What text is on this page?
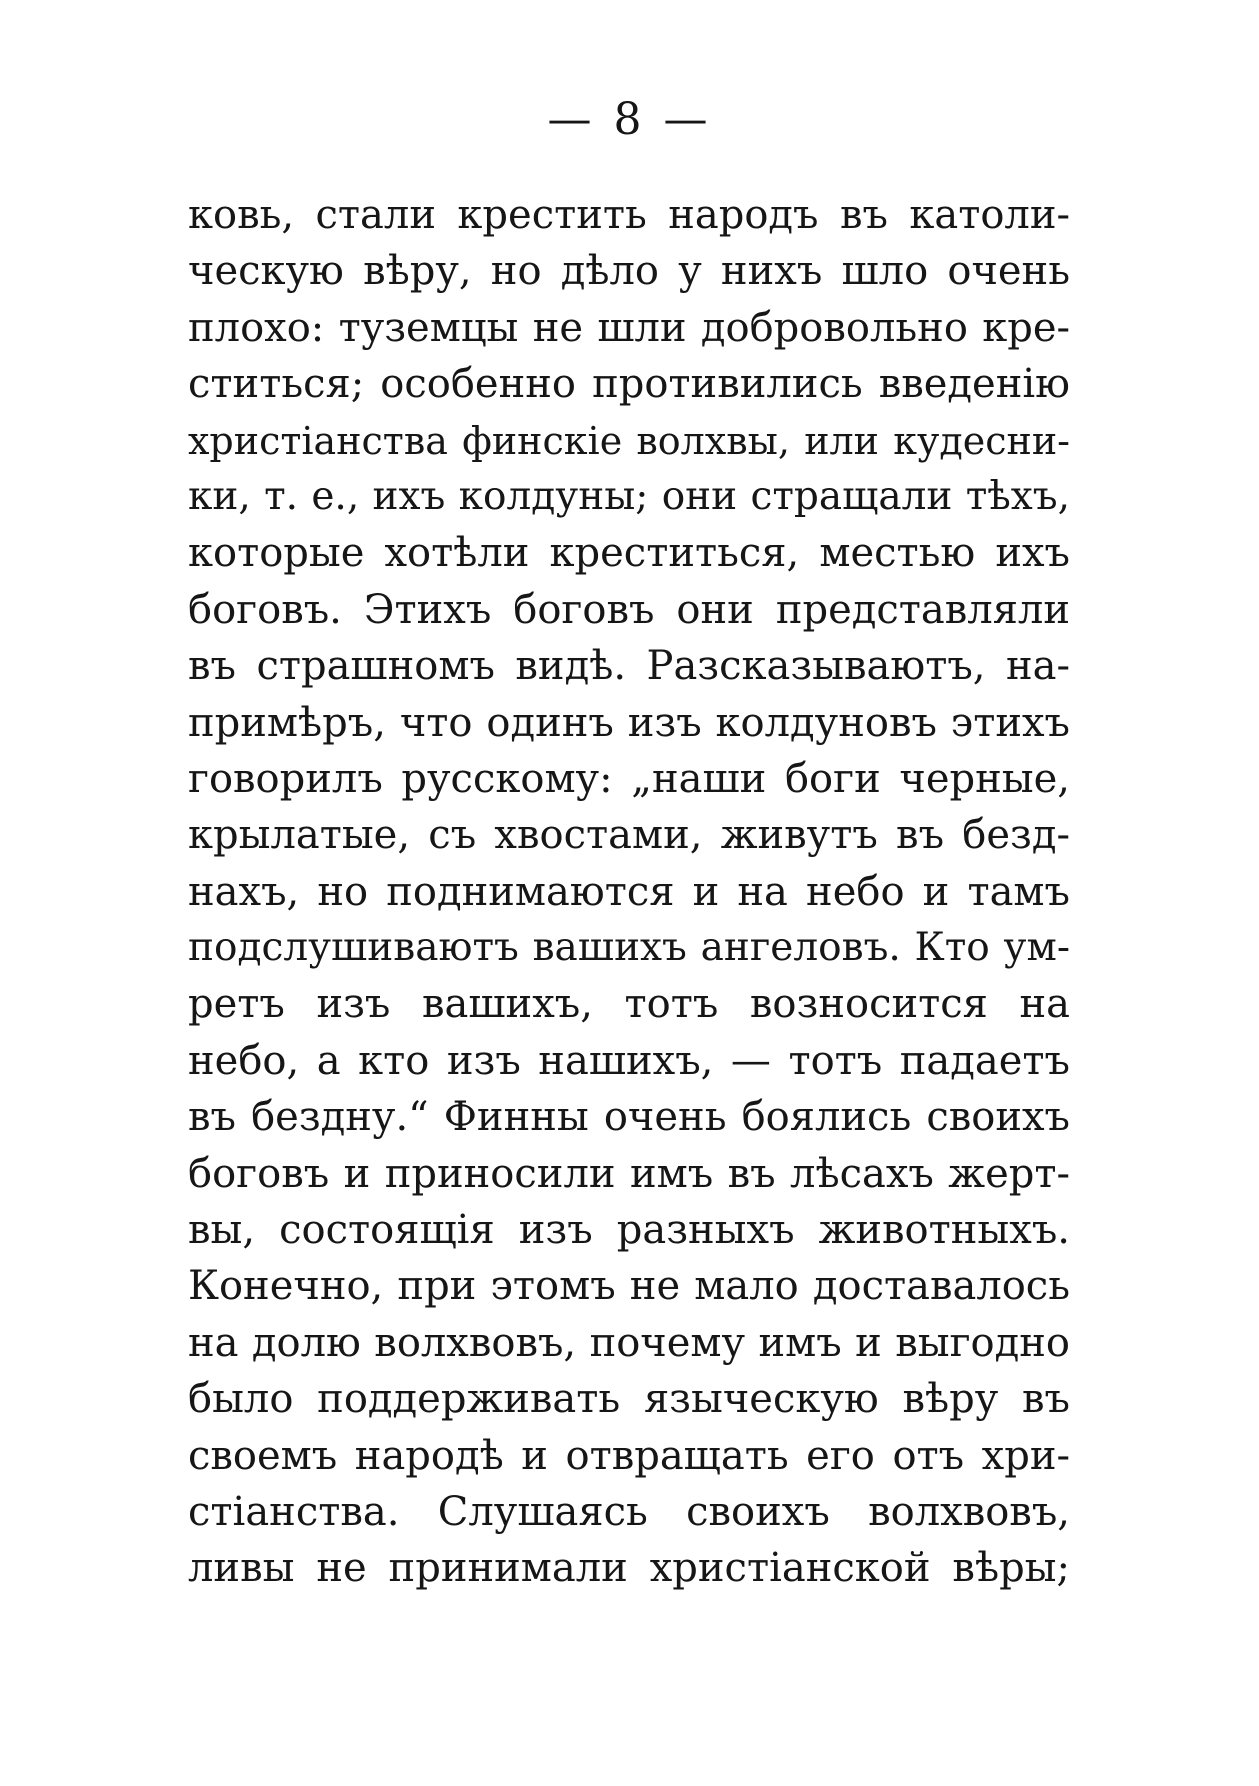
— 8 —
ковь, стали крестить народъ въ католи-
ческую вѣру, но дѣло у нихъ шло очень
плохо: туземцы не шли добровольно кре-
ститься; особенно противились введенію
христіанства финскіе волхвы, или кудесни-
ки, т. е., ихъ колдуны; они стращали тѣхъ,
которые хотѣли креститься, местью ихъ
боговъ. Этихъ боговъ они представляли
въ страшномъ видѣ. Разсказываютъ, на-
примѣръ, что одинъ изъ колдуновъ этихъ
говорилъ русскому: „наши боги черные,
крылатые, съ хвостами, живутъ въ безд-
нахъ, но поднимаются и на небо и тамъ
подслушиваютъ вашихъ ангеловъ. Кто ум-
ретъ изъ вашихъ, тотъ возносится на
небо, а кто изъ нашихъ, — тотъ падаетъ
въ бездну.“ Финны очень боялись своихъ
боговъ и приносили имъ въ лѣсахъ жерт-
вы, состоящія изъ разныхъ животныхъ.
Конечно, при этомъ не мало доставалось
на долю волхвовъ, почему имъ и выгодно
было поддерживать языческую вѣру въ
своемъ народѣ и отвращать его отъ хри-
стіанства. Слушаясь своихъ волхвовъ,
ливы не принимали христіанской вѣры;
